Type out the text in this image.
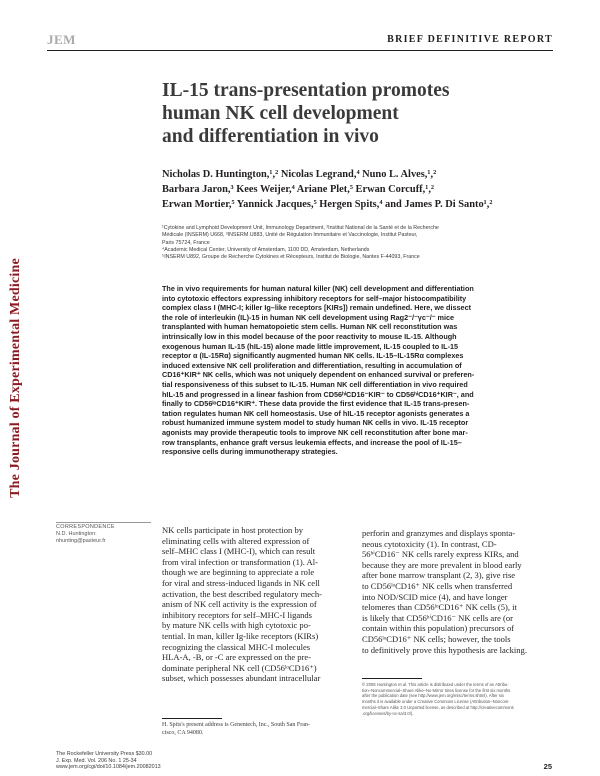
JEM	BRIEF DEFINITIVE REPORT
The Journal of Experimental Medicine
IL-15 trans-presentation promotes
human NK cell development
and differentiation in vivo
Nicholas D. Huntington,¹,² Nicolas Legrand,⁴ Nuno L. Alves,¹,²
Barbara Jaron,³ Kees Weijer,⁴ Ariane Plet,⁵ Erwan Corcuff,¹,²
Erwan Mortier,⁵ Yannick Jacques,⁵ Hergen Spits,⁴ and James P. Di Santo¹,²
¹Cytokine and Lymphoid Development Unit, Immunology Department, ²Institut National de la Santé et de la Recherche
Médicale (INSERM) U668, ³INSERM U883, Unité de Régulation Immunitaire et Vaccinologie, Institut Pasteur,
Paris 75724, France
⁴Academic Medical Center, University of Amsterdam, 1100 DD, Amsterdam, Netherlands
⁵INSERM U892, Groupe de Recherche Cytokines et Récepteurs, Institut de Biologie, Nantes F-44093, France
The in vivo requirements for human natural killer (NK) cell development and differentiation
into cytotoxic effectors expressing inhibitory receptors for self–major histocompatibility
complex class I (MHC-I; killer Ig–like receptors [KIRs]) remain undefined. Here, we dissect
the role of interleukin (IL)-15 in human NK cell development using Rag2⁻/⁻γc⁻/⁻ mice
transplanted with human hematopoietic stem cells. Human NK cell reconstitution was
intrinsically low in this model because of the poor reactivity to mouse IL-15. Although
exogenous human IL-15 (hIL-15) alone made little improvement, IL-15 coupled to IL-15
receptor α (IL-15Rα) significantly augmented human NK cells. IL-15–IL-15Rα complexes
induced extensive NK cell proliferation and differentiation, resulting in accumulation of
CD16⁺KIR⁺ NK cells, which was not uniquely dependent on enhanced survival or preferen-
tial responsiveness of this subset to IL-15. Human NK cell differentiation in vivo required
hIL-15 and progressed in a linear fashion from CD56ʰⁱCD16⁻KIR⁻ to CD56ʰⁱCD16⁺KIR⁻, and
finally to CD56ˡᵒCD16⁺KIR⁺. These data provide the first evidence that IL-15 trans-presen-
tation regulates human NK cell homeostasis. Use of hIL-15 receptor agonists generates a
robust humanized immune system model to study human NK cells in vivo. IL-15 receptor
agonists may provide therapeutic tools to improve NK cell reconstitution after bone mar-
row transplants, enhance graft versus leukemia effects, and increase the pool of IL-15–
responsive cells during immunotherapy strategies.
CORRESPONDENCE
N.D. Huntington:
nhunting@pasteur.fr
NK cells participate in host protection by
eliminating cells with altered expression of
self–MHC class I (MHC-I), which can result
from viral infection or transformation (1). Al-
though we are beginning to appreciate a role
for viral and stress-induced ligands in NK cell
activation, the best described regulatory mech-
anism of NK cell activity is the expression of
inhibitory receptors for self–MHC-I ligands
by mature NK cells with high cytotoxic po-
tential. In man, killer Ig-like receptors (KIRs)
recognizing the classical MHC-I molecules
HLA-A, -B, or -C are expressed on the pre-
dominate peripheral NK cell (CD56ˡᵒCD16⁺)
subset, which possesses abundant intracellular
perforin and granzymes and displays sponta-
neous cytotoxicity (1). In contrast, CD-
56ʰⁱCD16⁻ NK cells rarely express KIRs, and
because they are more prevalent in blood early
after bone marrow transplant (2, 3), give rise
to CD56ˡᵒCD16⁺ NK cells when transferred
into NOD/SCID mice (4), and have longer
telomeres than CD56ˡᵒCD16⁺ NK cells (5), it
is likely that CD56ʰⁱCD16⁻ NK cells are (or
contain within this population) precursors of
CD56ˡᵒCD16⁺ NK cells; however, the tools
to definitively prove this hypothesis are lacking.
© 2008 Huntington et al. This article is distributed under the terms of an Attribu-
tion–Noncommercial–Share Alike–No Mirror Sites license for the first six months
after the publication date (see http://www.jem.org/misc/terms.shtml). After six
months it is available under a Creative Commons License (Attribution–Noncom-
mercial–Share Alike 3.0 Unported license, as described at http://creativecommons
.org/licenses/by-nc-sa/3.0/).
H. Spits's present address is Genentech, Inc., South San Fran-
cisco, CA 94080.
The Rockefeller University Press $30.00
J. Exp. Med. Vol. 206 No. 1 25-34
www.jem.org/cgi/doi/10.1084/jem.20082013	25
